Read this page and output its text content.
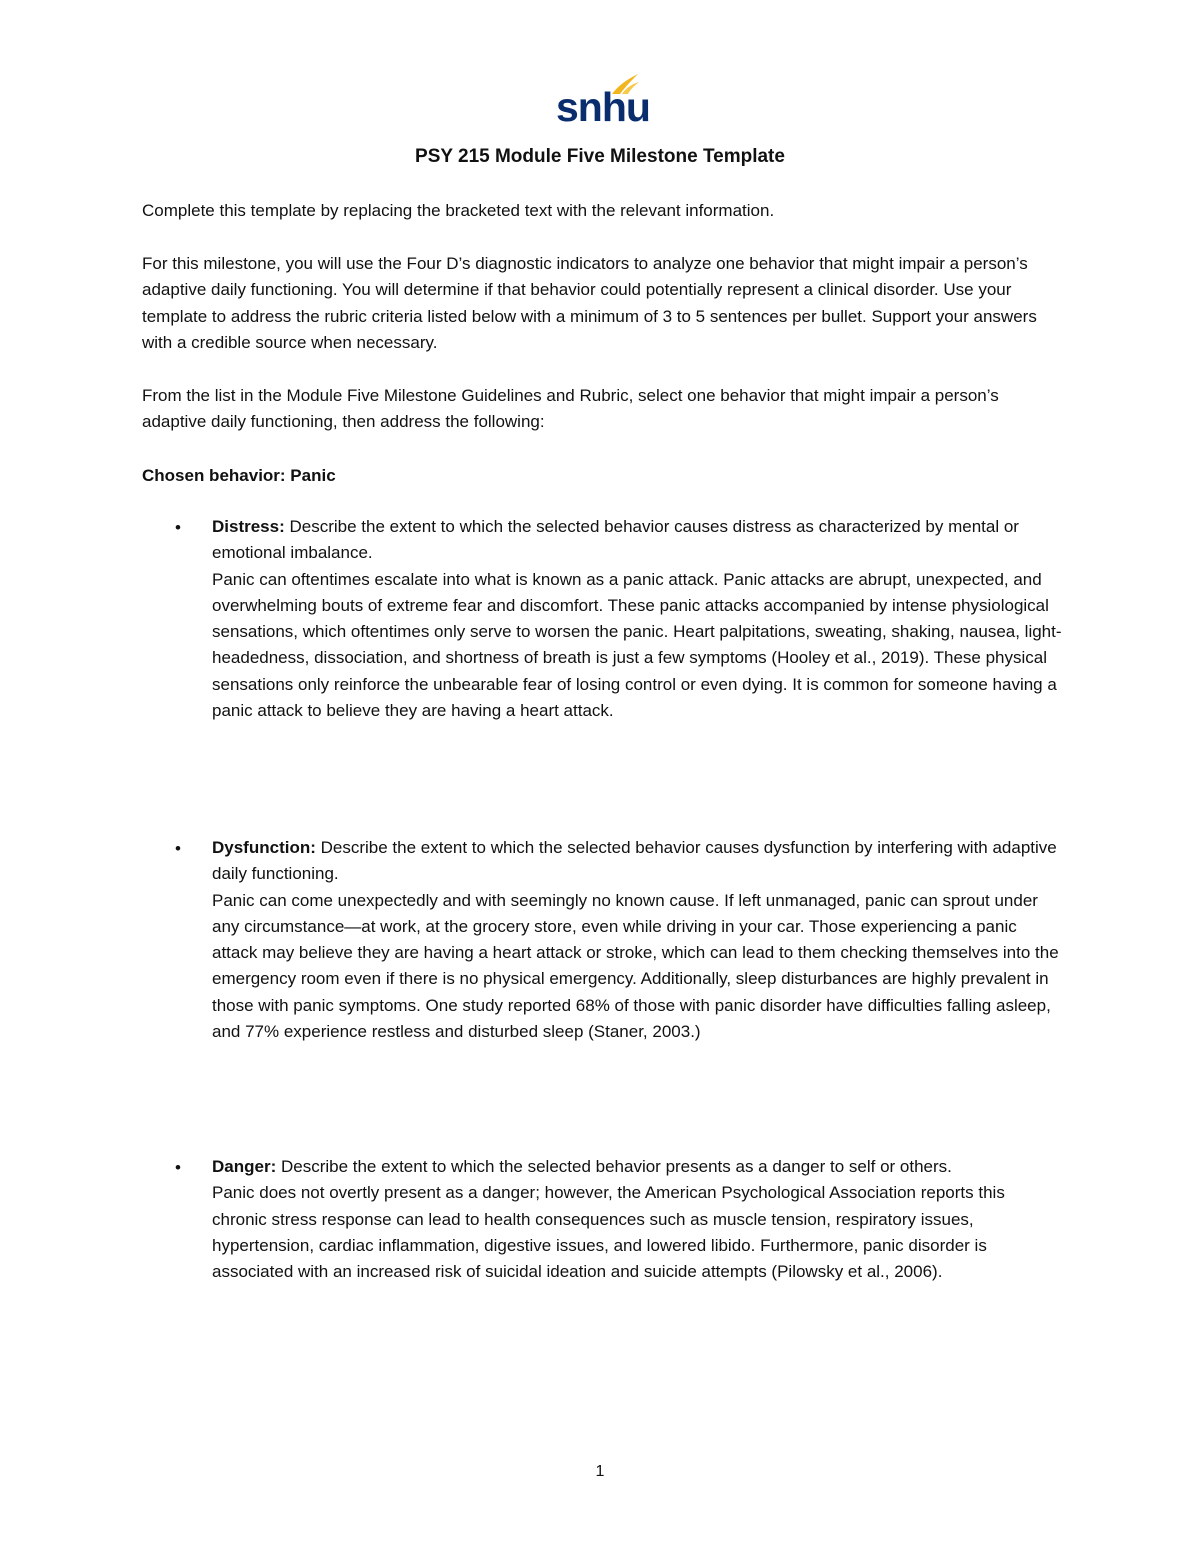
snhu
PSY 215 Module Five Milestone Template

Complete this template by replacing the bracketed text with the relevant information.

For this milestone, you will use the Four D’s diagnostic indicators to analyze one behavior that might impair a person’s adaptive daily functioning. You will determine if that behavior could potentially represent a clinical disorder. Use your template to address the rubric criteria listed below with a minimum of 3 to 5 sentences per bullet. Support your answers with a credible source when necessary.

From the list in the Module Five Milestone Guidelines and Rubric, select one behavior that might impair a person’s adaptive daily functioning, then address the following:

Chosen behavior: Panic

• Distress: Describe the extent to which the selected behavior causes distress as characterized by mental or emotional imbalance.

Panic can oftentimes escalate into what is known as a panic attack. Panic attacks are abrupt, unexpected, and overwhelming bouts of extreme fear and discomfort. These panic attacks accompanied by intense physiological sensations, which oftentimes only serve to worsen the panic. Heart palpitations, sweating, shaking, nausea, light-headedness, dissociation, and shortness of breath is just a few symptoms (Hooley et al., 2019). These physical sensations only reinforce the unbearable fear of losing control or even dying. It is common for someone having a panic attack to believe they are having a heart attack.

• Dysfunction: Describe the extent to which the selected behavior causes dysfunction by interfering with adaptive daily functioning.

Panic can come unexpectedly and with seemingly no known cause. If left unmanaged, panic can sprout under any circumstance—at work, at the grocery store, even while driving in your car. Those experiencing a panic attack may believe they are having a heart attack or stroke, which can lead to them checking themselves into the emergency room even if there is no physical emergency. Additionally, sleep disturbances are highly prevalent in those with panic symptoms. One study reported 68% of those with panic disorder have difficulties falling asleep, and 77% experience restless and disturbed sleep (Staner, 2003.)

• Danger: Describe the extent to which the selected behavior presents as a danger to self or others.

Panic does not overtly present as a danger; however, the American Psychological Association reports this chronic stress response can lead to health consequences such as muscle tension, respiratory issues, hypertension, cardiac inflammation, digestive issues, and lowered libido. Furthermore, panic disorder is associated with an increased risk of suicidal ideation and suicide attempts (Pilowsky et al., 2006).

1
